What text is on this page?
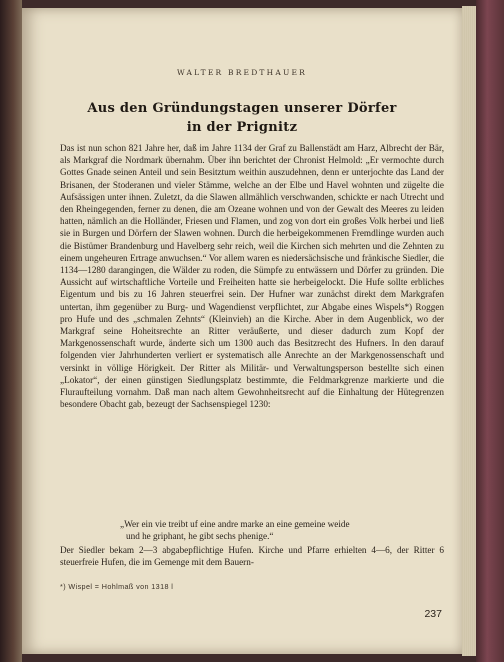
WALTER BREDTHAUER
Aus den Gründungstagen unserer Dörfer
in der Prignitz

Das ist nun schon 821 Jahre her, daß im Jahre 1134 der Graf zu Ballenstädt am Harz, Albrecht der Bär, als Markgraf die Nordmark übernahm. Über ihn berichtet der Chronist Helmold: „Er vermochte durch Gottes Gnade seinen Anteil und sein Besitztum weithin auszudehnen, denn er unterjochte das Land der Brisanen, der Stoderanen und vieler Stämme, welche an der Elbe und Havel wohnten und zügelte die Aufsässigen unter ihnen. Zuletzt, da die Slawen allmählich verschwanden, schickte er nach Utrecht und den Rheingegenden, ferner zu denen, die am Ozeane wohnen und von der Gewalt des Meeres zu leiden hatten, nämlich an die Holländer, Friesen und Flamen, und zog von dort ein großes Volk herbei und ließ sie in Burgen und Dörfern der Slawen wohnen. Durch die herbeigekommenen Fremdlinge wurden auch die Bistümer Brandenburg und Havelberg sehr reich, weil die Kirchen sich mehrten und die Zehnten zu einem ungeheuren Ertrage anwuchsen.“ Vor allem waren es niedersächsische und fränkische Siedler, die 1134—1280 darangingen, die Wälder zu roden, die Sümpfe zu entwässern und Dörfer zu gründen. Die Aussicht auf wirtschaftliche Vorteile und Freiheiten hatte sie herbeigelockt. Die Hufe sollte erbliches Eigentum und bis zu 16 Jahren steuerfrei sein. Der Hufner war zunächst direkt dem Markgrafen untertan, ihm gegenüber zu Burg- und Wagendienst verpflichtet, zur Abgabe eines Wispels*) Roggen pro Hufe und des „schmalen Zehnts“ (Kleinvieh) an die Kirche. Aber in dem Augenblick, wo der Markgraf seine Hoheitsrechte an Ritter veräußerte, und dieser dadurch zum Kopf der Markgenossenschaft wurde, änderte sich um 1300 auch das Besitzrecht des Hufners. In den darauf folgenden vier Jahrhunderten verliert er systematisch alle Anrechte an der Markgenossenschaft und versinkt in völlige Hörigkeit. Der Ritter als Militär- und Verwaltungsperson bestellte sich einen „Lokator“, der einen günstigen Siedlungsplatz bestimmte, die Feldmarkgrenze markierte und die Fluraufteilung vornahm. Daß man nach altem Gewohnheitsrecht auf die Einhaltung der Hütegrenzen besondere Obacht gab, bezeugt der Sachsenspiegel 1230:

„Wer ein vie treibt uf eine andre marke an eine gemeine weide
und he griphant, he gibt sechs phenige.“
Der Siedler bekam 2—3 abgabepflichtige Hufen. Kirche und Pfarre erhielten 4—6, der Ritter 6 steuerfreie Hufen, die im Gemenge mit dem Bauern-
*) Wispel = Hohlmaß von 1318 l
237
